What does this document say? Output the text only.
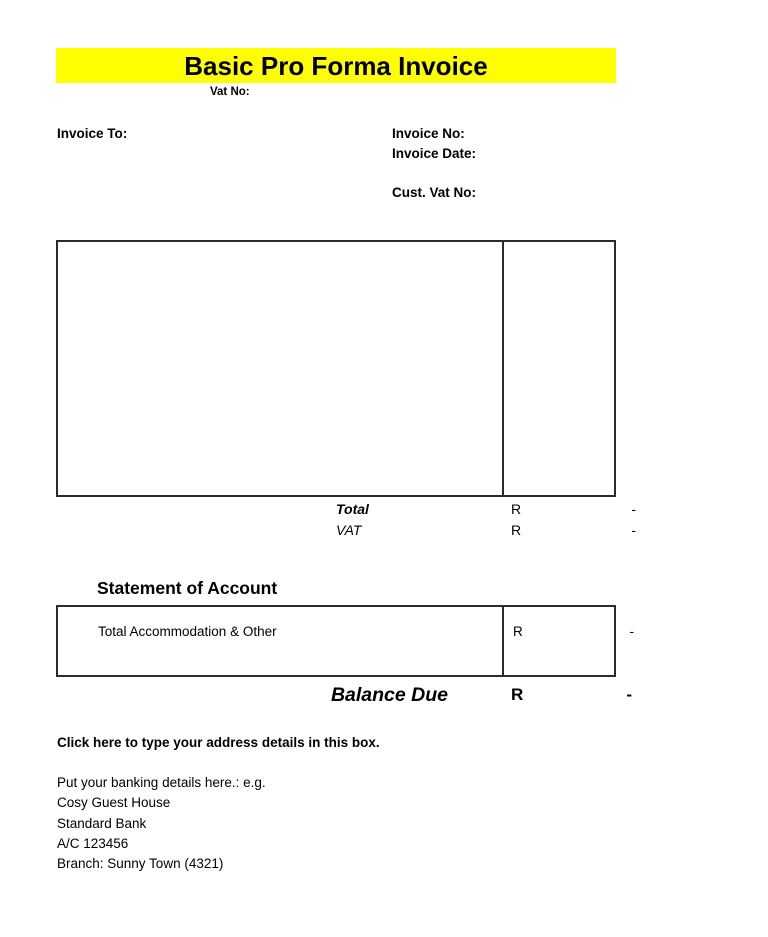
Basic Pro Forma Invoice
Vat No:
Invoice To:	Invoice No:
Invoice Date:
Cust. Vat No:
Total	R	-
VAT	R	-
Statement of Account
Total Accommodation & Other	R	-
Balance Due	R	-
Click here to type your address details in this box.
Put your banking details here.: e.g.
Cosy Guest House
Standard Bank
A/C 123456
Branch: Sunny Town (4321)
